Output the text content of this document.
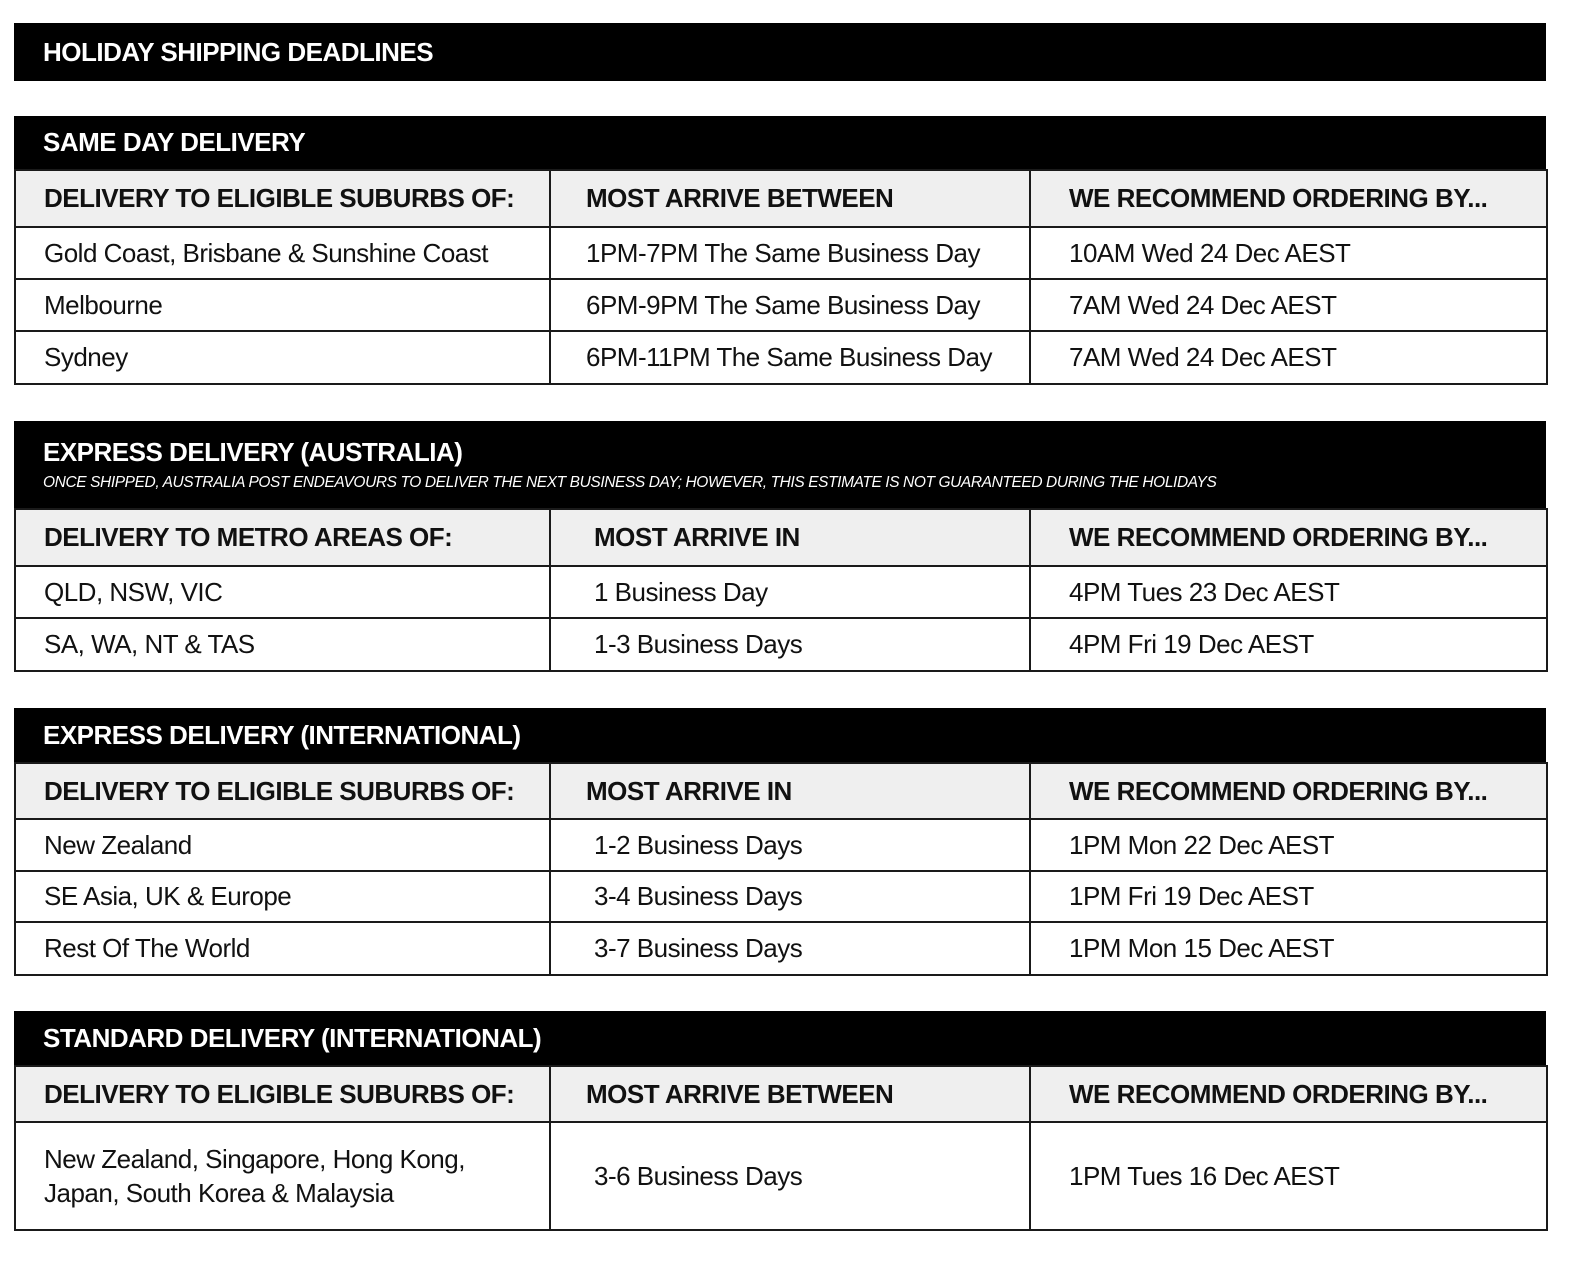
HOLIDAY SHIPPING DEADLINES
SAME DAY DELIVERY
DELIVERY TO ELIGIBLE SUBURBS OF:	MOST ARRIVE BETWEEN	WE RECOMMEND ORDERING BY...
Gold Coast, Brisbane & Sunshine Coast	1PM-7PM The Same Business Day	10AM Wed 24 Dec AEST
Melbourne	6PM-9PM The Same Business Day	7AM Wed 24 Dec AEST
Sydney	6PM-11PM The Same Business Day	7AM Wed 24 Dec AEST
EXPRESS DELIVERY (AUSTRALIA)
ONCE SHIPPED, AUSTRALIA POST ENDEAVOURS TO DELIVER THE NEXT BUSINESS DAY; HOWEVER, THIS ESTIMATE IS NOT GUARANTEED DURING THE HOLIDAYS
DELIVERY TO METRO AREAS OF:	MOST ARRIVE IN	WE RECOMMEND ORDERING BY...
QLD, NSW, VIC	1 Business Day	4PM Tues 23 Dec AEST
SA, WA, NT & TAS	1-3 Business Days	4PM Fri 19 Dec AEST
EXPRESS DELIVERY (INTERNATIONAL)
DELIVERY TO ELIGIBLE SUBURBS OF:	MOST ARRIVE IN	WE RECOMMEND ORDERING BY...
New Zealand	1-2 Business Days	1PM Mon 22 Dec AEST
SE Asia, UK & Europe	3-4 Business Days	1PM Fri 19 Dec AEST
Rest Of The World	3-7 Business Days	1PM Mon 15 Dec AEST
STANDARD DELIVERY (INTERNATIONAL)
DELIVERY TO ELIGIBLE SUBURBS OF:	MOST ARRIVE BETWEEN	WE RECOMMEND ORDERING BY...
New Zealand, Singapore, Hong Kong, Japan, South Korea & Malaysia	3-6 Business Days	1PM Tues 16 Dec AEST
